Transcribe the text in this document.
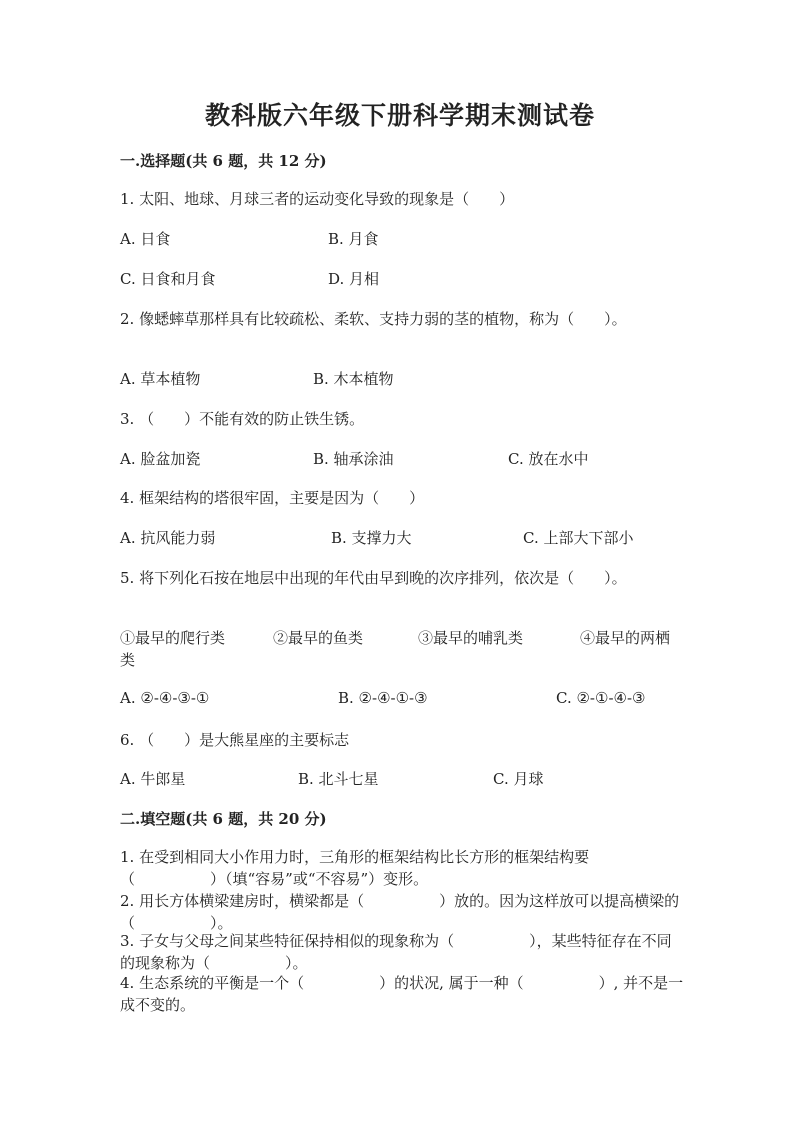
教科版六年级下册科学期末测试卷
一.选择题(共 6 题，共 12 分)
1. 太阳、地球、月球三者的运动变化导致的现象是（　　）
A. 日食	B. 月食
C. 日食和月食	D. 月相
2. 像蟋蟀草那样具有比较疏松、柔软、支持力弱的茎的植物，称为（　　）。
A. 草本植物	B. 木本植物
3. （　　）不能有效的防止铁生锈。
A. 脸盆加瓷	B. 轴承涂油	C. 放在水中
4. 框架结构的塔很牢固，主要是因为（　　）
A. 抗风能力弱	B. 支撑力大	C. 上部大下部小
5. 将下列化石按在地层中出现的年代由早到晚的次序排列，依次是（　　）。
①最早的爬行类	②最早的鱼类	③最早的哺乳类	④最早的两栖
类
A. ②-④-③-①	B. ②-④-①-③	C. ②-①-④-③
6. （　　）是大熊星座的主要标志
A. 牛郎星	B. 北斗七星	C. 月球
二.填空题(共 6 题，共 20 分)
1. 在受到相同大小作用力时，三角形的框架结构比长方形的框架结构要（　　　　　）（填“容易”或“不容易”）变形。
2. 用长方体横梁建房时，横梁都是（　　　　　）放的。因为这样放可以提高横梁的（　　　　　）。
3. 子女与父母之间某些特征保持相似的现象称为（　　　　　），某些特征存在不同的现象称为（　　　　　）。
4. 生态系统的平衡是一个（　　　　　）的状况, 属于一种（　　　　　）, 并不是一成不变的。
